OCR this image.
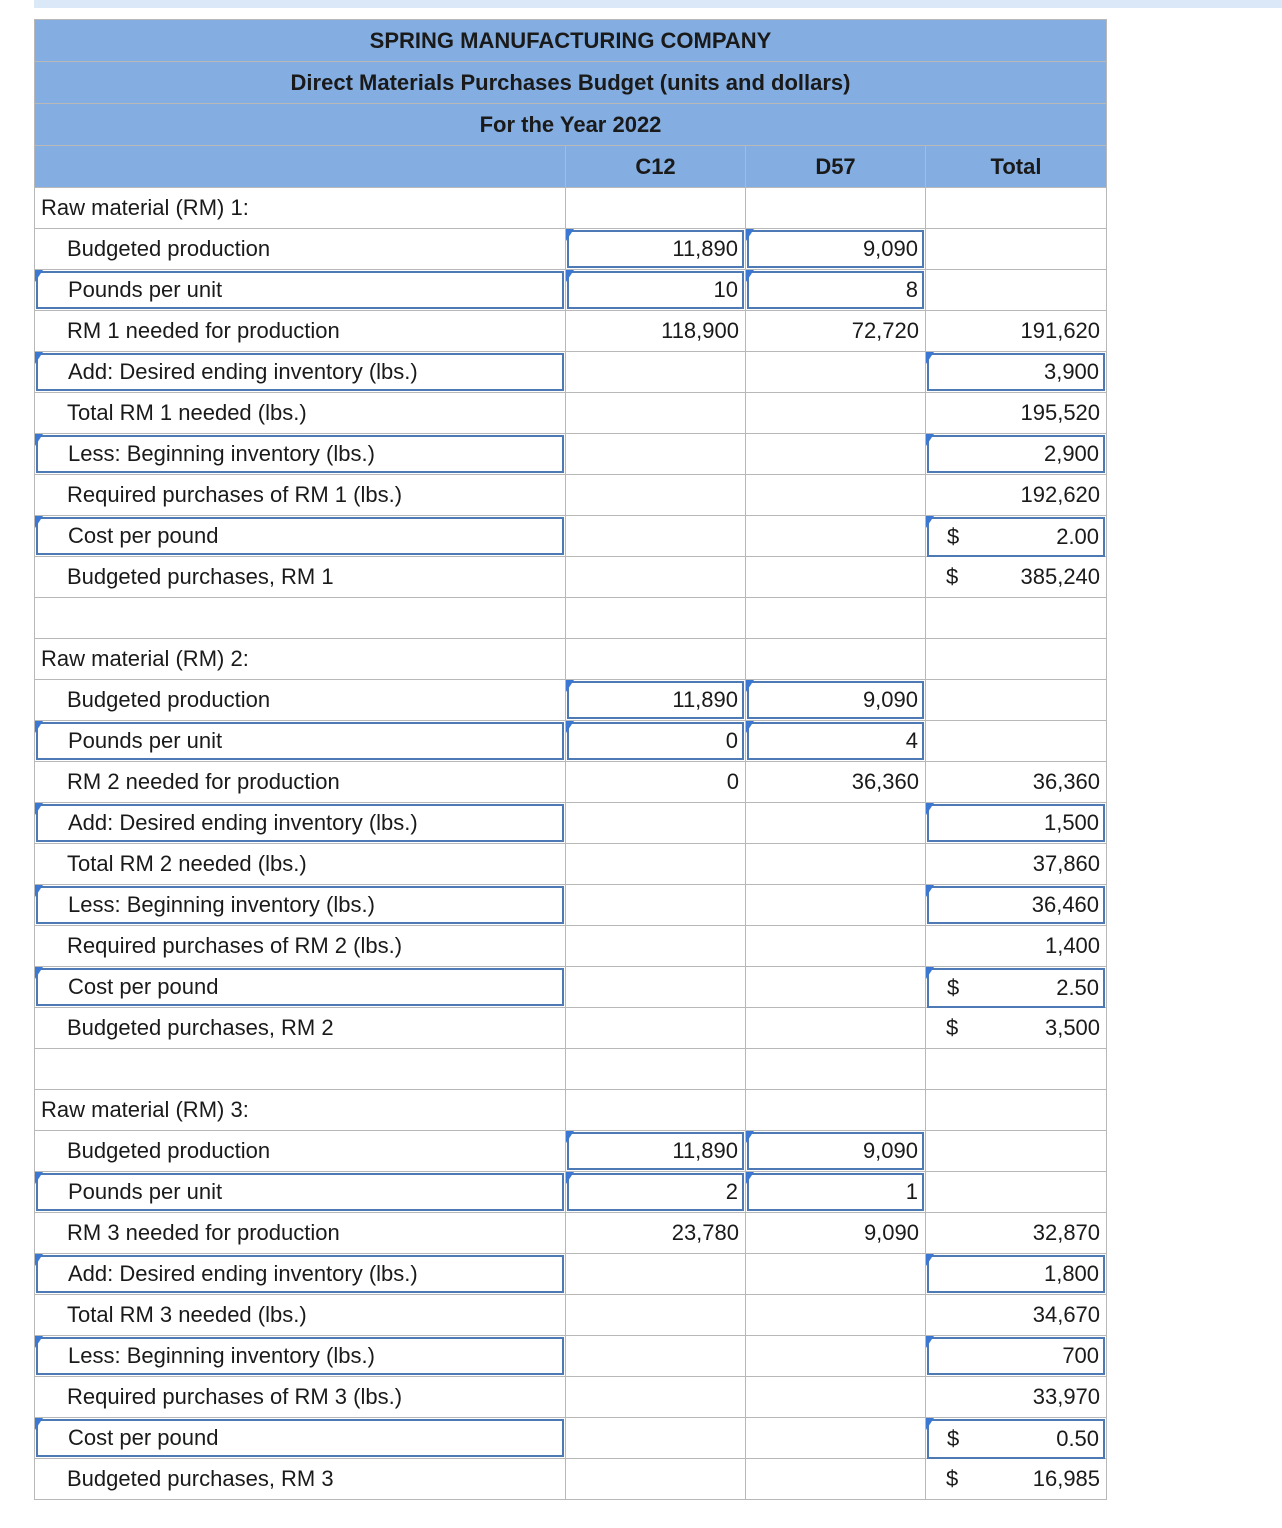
SPRING MANUFACTURING COMPANY			
Direct Materials Purchases Budget (units and dollars)			
For the Year 2022			
	C12	D57	Total
Raw material (RM) 1:			
Budgeted production	11,890	9,090	

Pounds per unit	10	8	

RM 1 needed for production	118,900	72,720	191,620

Add: Desired ending inventory (lbs.)			3,900

Total RM 1 needed (lbs.)			195,520

Less: Beginning inventory (lbs.)			2,900

Required purchases of RM 1 (lbs.)			192,620

Cost per pound			$ 2.00

Budgeted purchases, RM 1			$ 385,240

Raw material (RM) 2:			
Budgeted production	11,890	9,090	

Pounds per unit	0	4	

RM 2 needed for production	0	36,360	36,360

Add: Desired ending inventory (lbs.)			1,500

Total RM 2 needed (lbs.)			37,860

Less: Beginning inventory (lbs.)			36,460

Required purchases of RM 2 (lbs.)			1,400

Cost per pound			$ 2.50

Budgeted purchases, RM 2			$ 3,500

Raw material (RM) 3:			
Budgeted production	11,890	9,090	

Pounds per unit	2	1	

RM 3 needed for production	23,780	9,090	32,870

Add: Desired ending inventory (lbs.)			1,800

Total RM 3 needed (lbs.)			34,670

Less: Beginning inventory (lbs.)			700

Required purchases of RM 3 (lbs.)			33,970

Cost per pound			$ 0.50

Budgeted purchases, RM 3			$ 16,985
